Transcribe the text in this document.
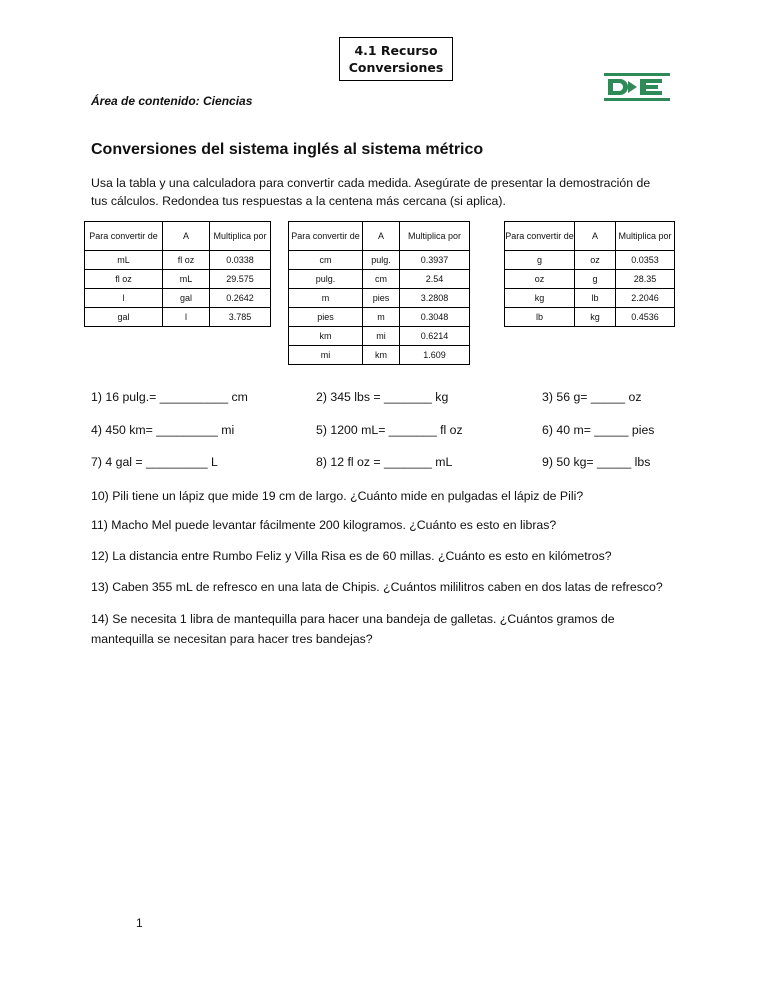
4.1 Recurso
Conversiones
Área de contenido: Ciencias
Conversiones del sistema inglés al sistema métrico
Usa la tabla y una calculadora para convertir cada medida. Asegúrate de presentar la demostración de
tus cálculos. Redondea tus respuestas a la centena más cercana (si aplica).
Para convertir de	A	Multiplica por
mL	fl oz	0.0338
fl oz	mL	29.575
l	gal	0.2642
gal	l	3.785
Para convertir de	A	Multiplica por
cm	pulg.	0.3937
pulg.	cm	2.54
m	pies	3.2808
pies	m	0.3048
km	mi	0.6214
mi	km	1.609
Para convertir de	A	Multiplica por
g	oz	0.0353
oz	g	28.35
kg	lb	2.2046
lb	kg	0.4536
1) 16 pulg.= __________ cm	2) 345 lbs = _______ kg	3) 56 g= _____ oz
4) 450 km= _________ mi	5) 1200 mL= _______ fl oz	6) 40 m= _____ pies
7) 4 gal = _________ L	8) 12 fl oz = _______ mL	9) 50 kg= _____ lbs
10) Pili tiene un lápiz que mide 19 cm de largo. ¿Cuánto mide en pulgadas el lápiz de Pili?
11) Macho Mel puede levantar fácilmente 200 kilogramos. ¿Cuánto es esto en libras?
12) La distancia entre Rumbo Feliz y Villa Risa es de 60 millas. ¿Cuánto es esto en kilómetros?
13) Caben 355 mL de refresco en una lata de Chipis. ¿Cuántos mililitros caben en dos latas de refresco?
14) Se necesita 1 libra de mantequilla para hacer una bandeja de galletas. ¿Cuántos gramos de
mantequilla se necesitan para hacer tres bandejas?
1
